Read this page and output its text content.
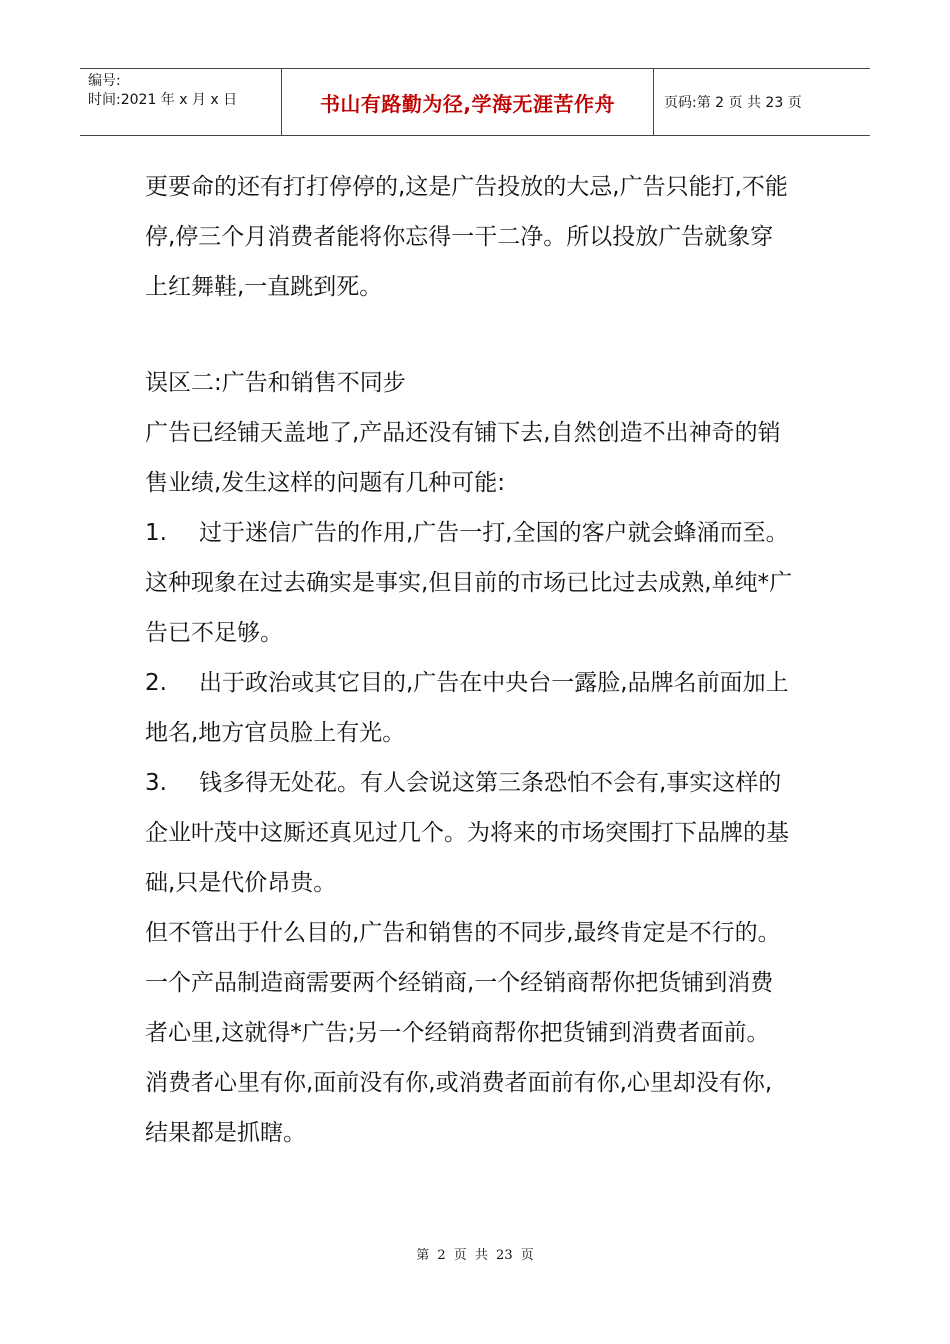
编号:
时间:2021 年 x 月 x 日	书山有路勤为径,学海无涯苦作舟	页码:第 2 页 共 23 页

更要命的还有打打停停的,这是广告投放的大忌,广告只能打,不能停,停三个月消费者能将你忘得一干二净。所以投放广告就象穿上红舞鞋,一直跳到死。

误区二:广告和销售不同步

广告已经铺天盖地了,产品还没有铺下去,自然创造不出神奇的销售业绩,发生这样的问题有几种可能:

1. 过于迷信广告的作用,广告一打,全国的客户就会蜂涌而至。这种现象在过去确实是事实,但目前的市场已比过去成熟,单纯*广告已不足够。

2. 出于政治或其它目的,广告在中央台一露脸,品牌名前面加上地名,地方官员脸上有光。

3. 钱多得无处花。有人会说这第三条恐怕不会有,事实这样的企业叶茂中这厮还真见过几个。为将来的市场突围打下品牌的基础,只是代价昂贵。

但不管出于什么目的,广告和销售的不同步,最终肯定是不行的。一个产品制造商需要两个经销商,一个经销商帮你把货铺到消费者心里,这就得*广告;另一个经销商帮你把货铺到消费者面前。

消费者心里有你,面前没有你,或消费者面前有你,心里却没有你,结果都是抓瞎。

第 2 页 共 23 页
